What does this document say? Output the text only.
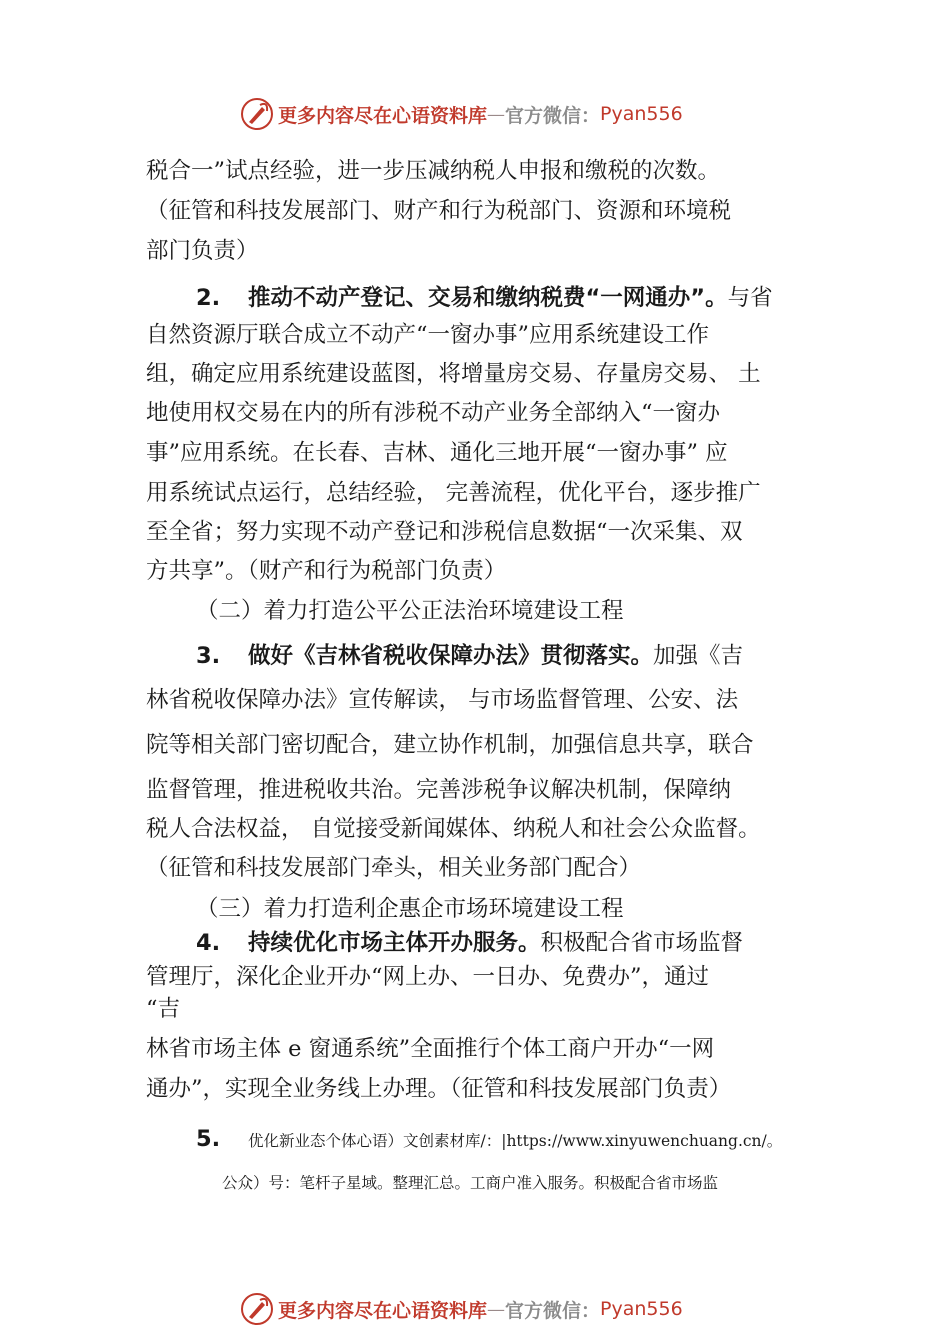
更多内容尽在心语资料库 — 官方微信： Pyan556
税合一”试点经验，进一步压减纳税人申报和缴税的次数。
（征管和科技发展部门、财产和行为税部门、资源和环境税
部门负责）
2. 推动不动产登记、交易和缴纳税费“一网通办”。与省
自然资源厅联合成立不动产“一窗办事”应用系统建设工作
组，确定应用系统建设蓝图，将增量房交易、存量房交易、 土
地使用权交易在内的所有涉税不动产业务全部纳入“一窗办
事”应用系统。在长春、吉林、通化三地开展“一窗办事” 应
用系统试点运行，总结经验， 完善流程，优化平台，逐步推广
至全省；努力实现不动产登记和涉税信息数据“一次采集、双
方共享”。（财产和行为税部门负责）
（二）着力打造公平公正法治环境建设工程
3. 做好《吉林省税收保障办法》贯彻落实。加强《吉
林省税收保障办法》宣传解读， 与市场监督管理、公安、法
院等相关部门密切配合，建立协作机制，加强信息共享，联合
监督管理，推进税收共治。完善涉税争议解决机制，保障纳
税人合法权益， 自觉接受新闻媒体、纳税人和社会公众监督。
（征管和科技发展部门牵头，相关业务部门配合）
（三）着力打造利企惠企市场环境建设工程
4. 持续优化市场主体开办服务。积极配合省市场监督
管理厅，深化企业开办“网上办、一日办、免费办”，通过
“吉
林省市场主体 e 窗通系统”全面推行个体工商户开办“一网
通办”，实现全业务线上办理。（征管和科技发展部门负责）
5. 优化新业态个体心语）文创素材库/：|https://www.xinyuwenchuang.cn/。
公众）号：笔杆子星域。整理汇总。工商户准入服务。积极配合省市场监
更多内容尽在心语资料库 — 官方微信： Pyan556
